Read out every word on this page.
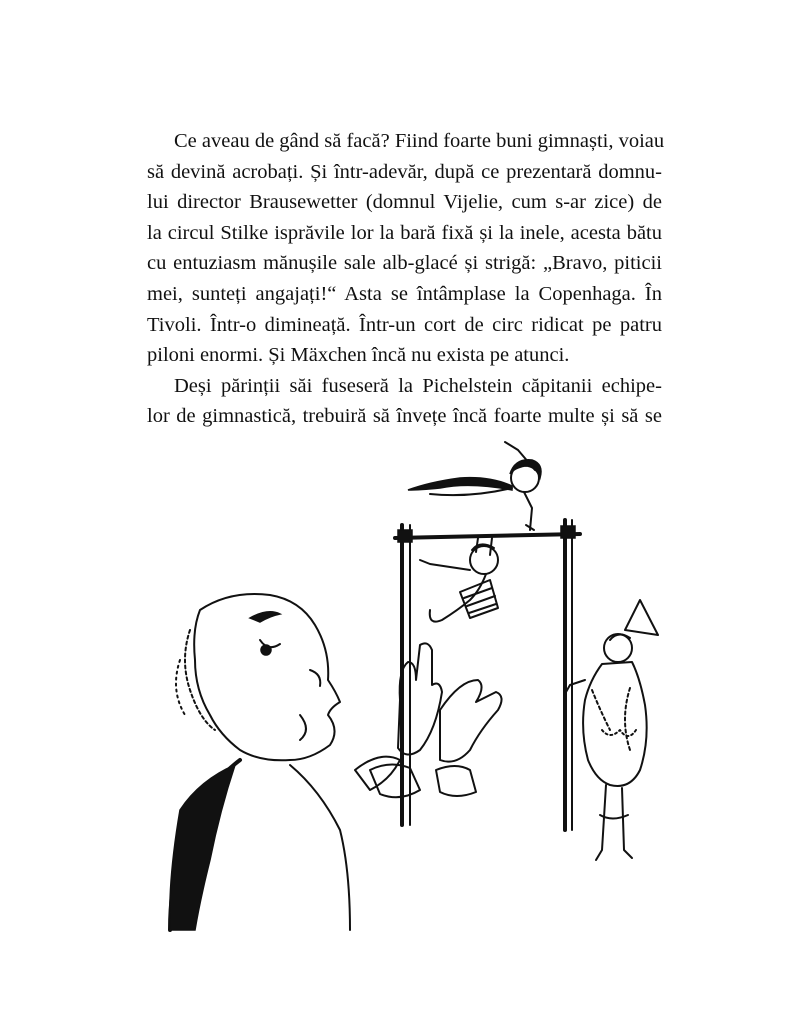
Ce aveau de gând să facă? Fiind foarte buni gimnaști, voiau
să devină acrobați. Și într-adevăr, după ce prezentară domnu-
lui director Brausewetter (domnul Vijelie, cum s-ar zice) de
la circul Stilke isprăvile lor la bară fixă și la inele, acesta bătu
cu entuziasm mănușile sale alb-glacé și strigă: „Bravo, piticii
mei, sunteți angajați!“ Asta se întâmplase la Copenhaga. În
Tivoli. Într-o dimineață. Într-un cort de circ ridicat pe patru
piloni enormi. Și Mäxchen încă nu exista pe atunci.
Deși părinții săi fuseseră la Pichelstein căpitanii echipe-
lor de gimnastică, trebuiră să învețe încă foarte multe și să se
